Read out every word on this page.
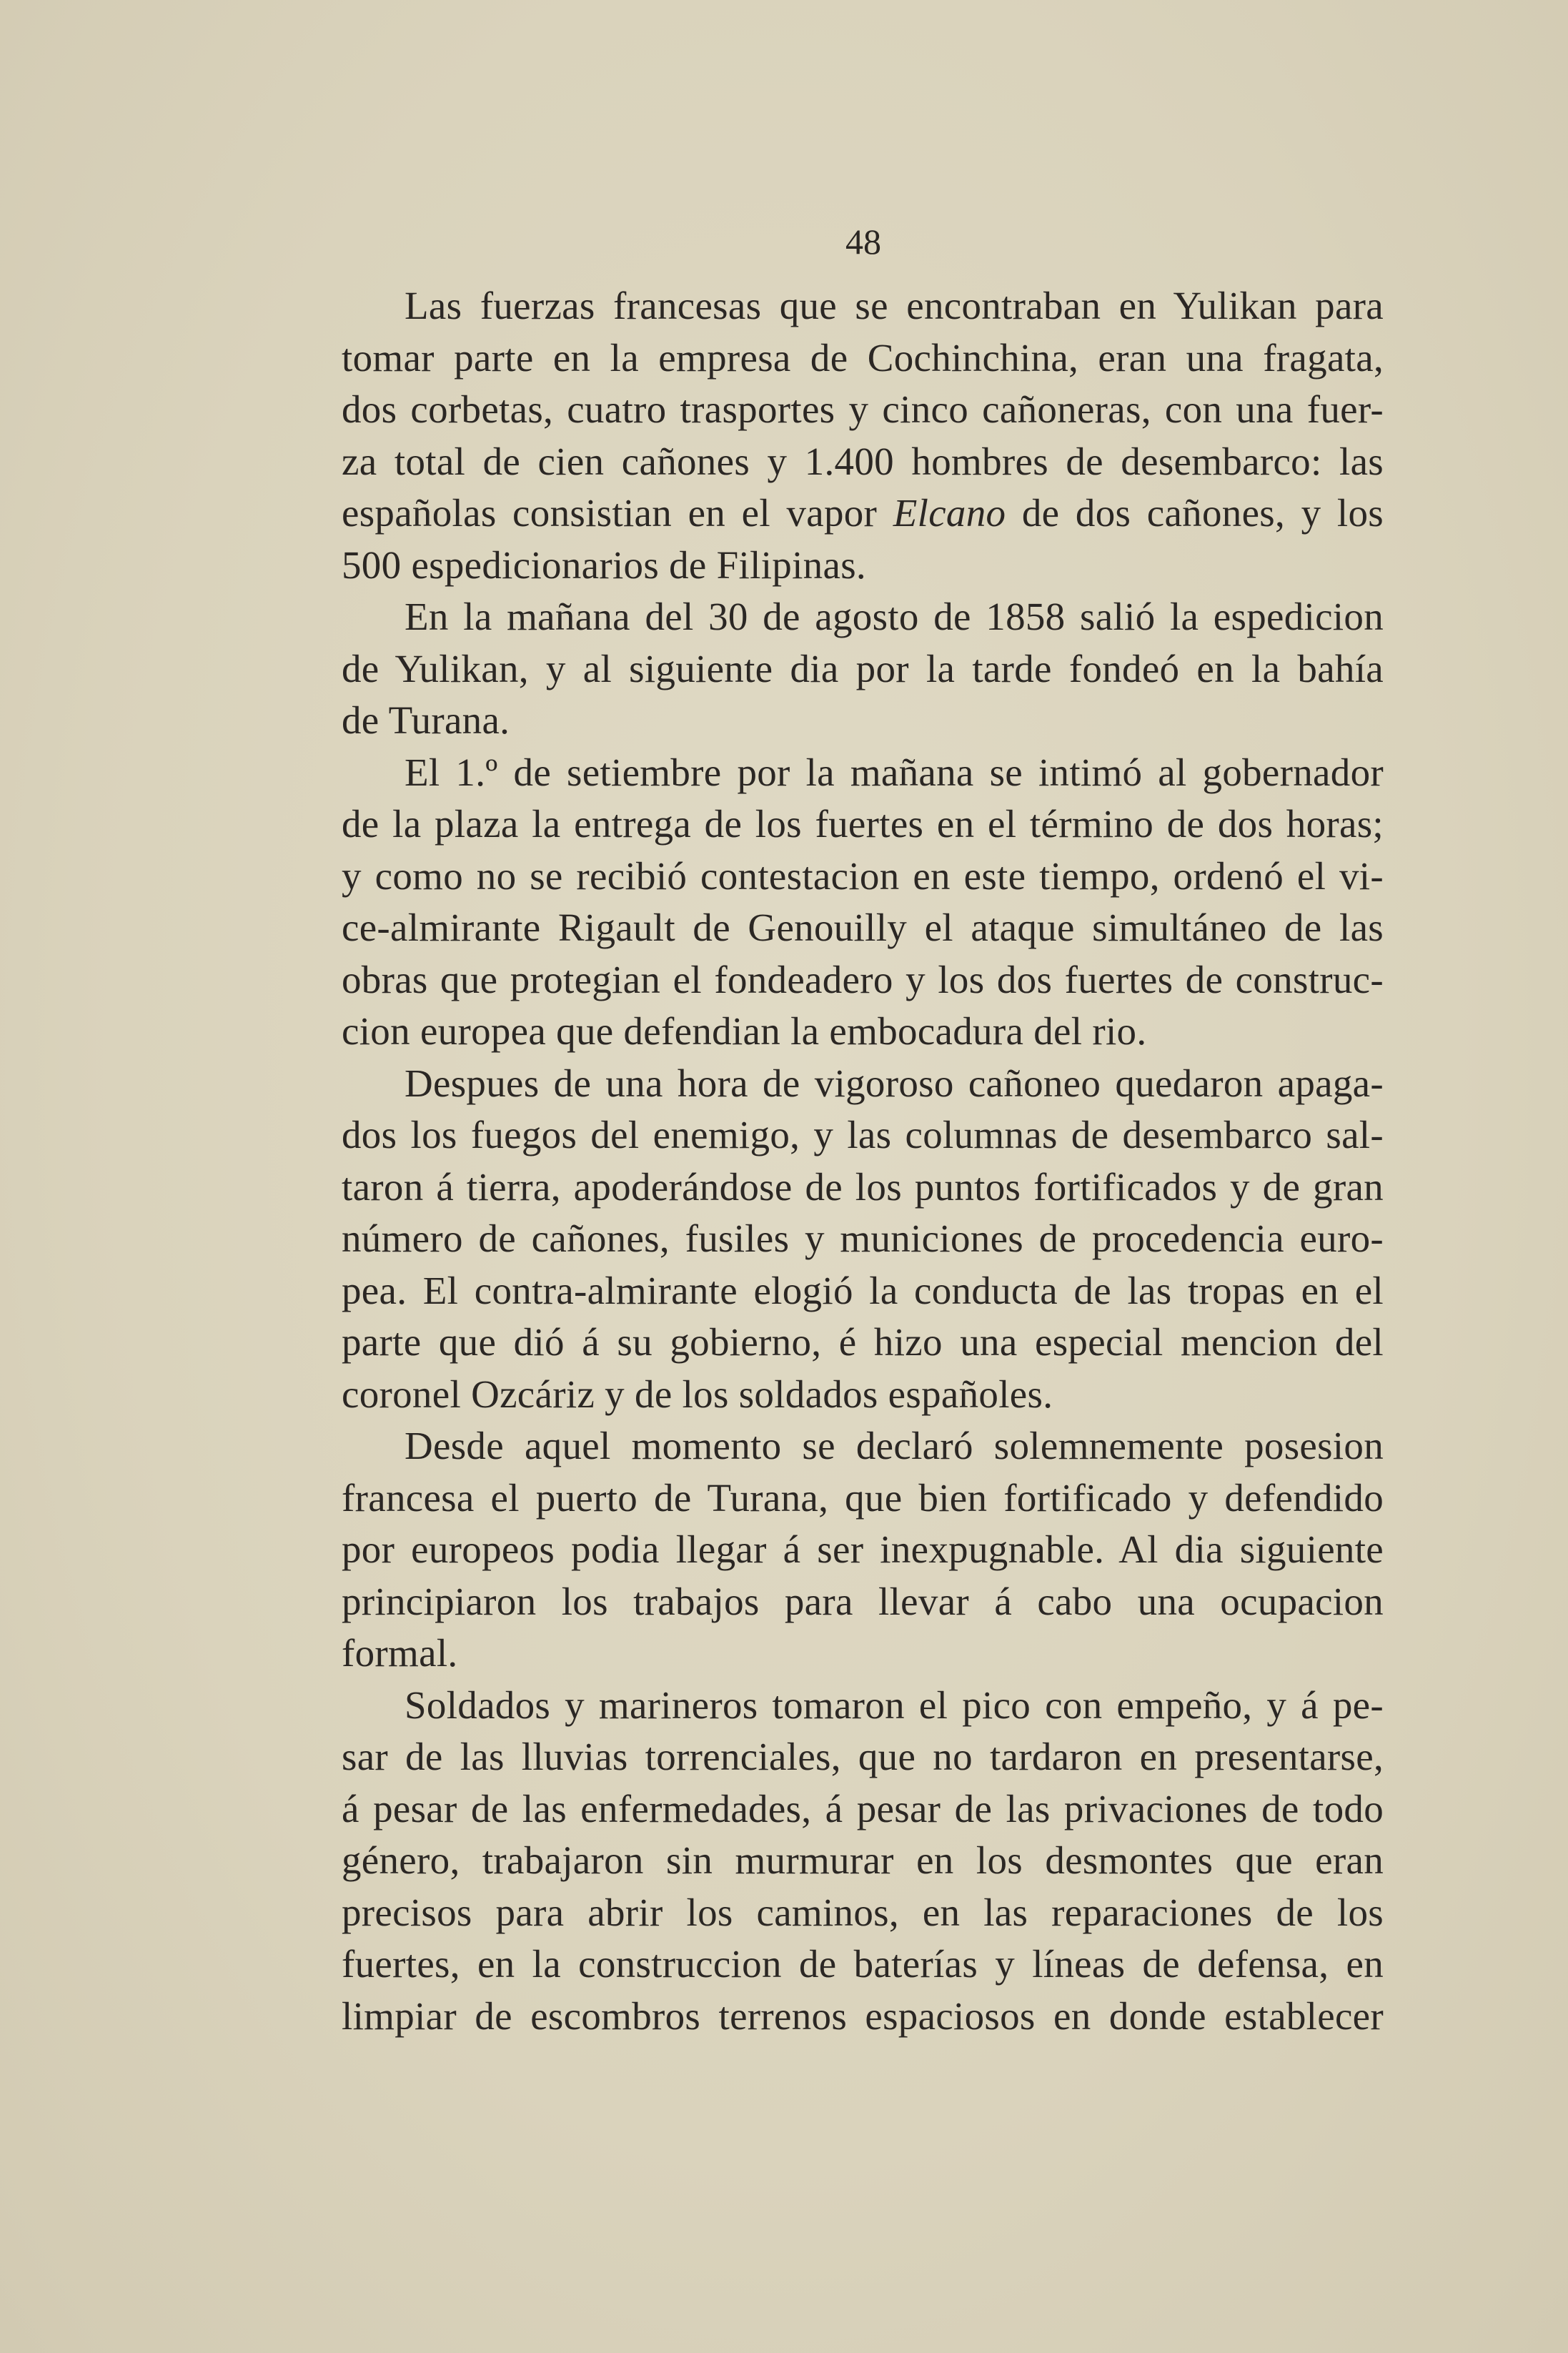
48
Las fuerzas francesas que se encontraban en Yulikan para
tomar parte en la empresa de Cochinchina, eran una fragata,
dos corbetas, cuatro trasportes y cinco cañoneras, con una fuer-
za total de cien cañones y 1.400 hombres de desembarco: las
españolas consistian en el vapor Elcano de dos cañones, y los
500 espedicionarios de Filipinas.
En la mañana del 30 de agosto de 1858 salió la espedicion
de Yulikan, y al siguiente dia por la tarde fondeó en la bahía
de Turana.
El 1.º de setiembre por la mañana se intimó al gobernador
de la plaza la entrega de los fuertes en el término de dos horas;
y como no se recibió contestacion en este tiempo, ordenó el vi-
ce-almirante Rigault de Genouilly el ataque simultáneo de las
obras que protegian el fondeadero y los dos fuertes de construc-
cion europea que defendian la embocadura del rio.
Despues de una hora de vigoroso cañoneo quedaron apaga-
dos los fuegos del enemigo, y las columnas de desembarco sal-
taron á tierra, apoderándose de los puntos fortificados y de gran
número de cañones, fusiles y municiones de procedencia euro-
pea. El contra-almirante elogió la conducta de las tropas en el
parte que dió á su gobierno, é hizo una especial mencion del
coronel Ozcáriz y de los soldados españoles.
Desde aquel momento se declaró solemnemente posesion
francesa el puerto de Turana, que bien fortificado y defendido
por europeos podia llegar á ser inexpugnable. Al dia siguiente
principiaron los trabajos para llevar á cabo una ocupacion
formal.
Soldados y marineros tomaron el pico con empeño, y á pe-
sar de las lluvias torrenciales, que no tardaron en presentarse,
á pesar de las enfermedades, á pesar de las privaciones de todo
género, trabajaron sin murmurar en los desmontes que eran
precisos para abrir los caminos, en las reparaciones de los
fuertes, en la construccion de baterías y líneas de defensa, en
limpiar de escombros terrenos espaciosos en donde establecer
